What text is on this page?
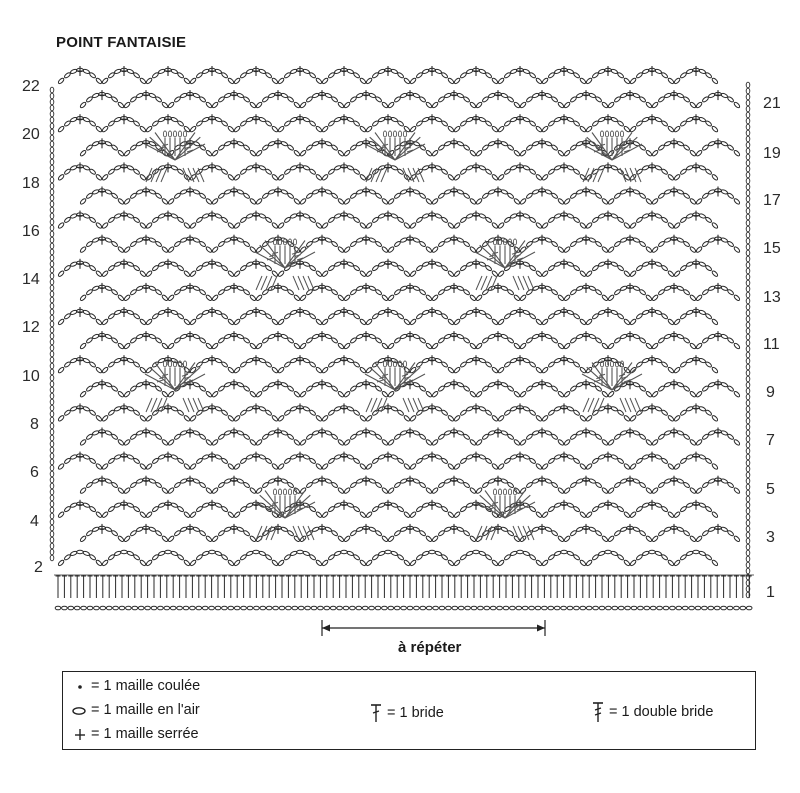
POINT FANTAISIE
22
20
18
16
14
12
10
8
6
4
2
21
19
17
15
13
11
9
7
5
3
1
à répéter
= 1 maille coulée
= 1 maille en l'air
= 1 maille serrée
= 1 bride	= 1 double bride
